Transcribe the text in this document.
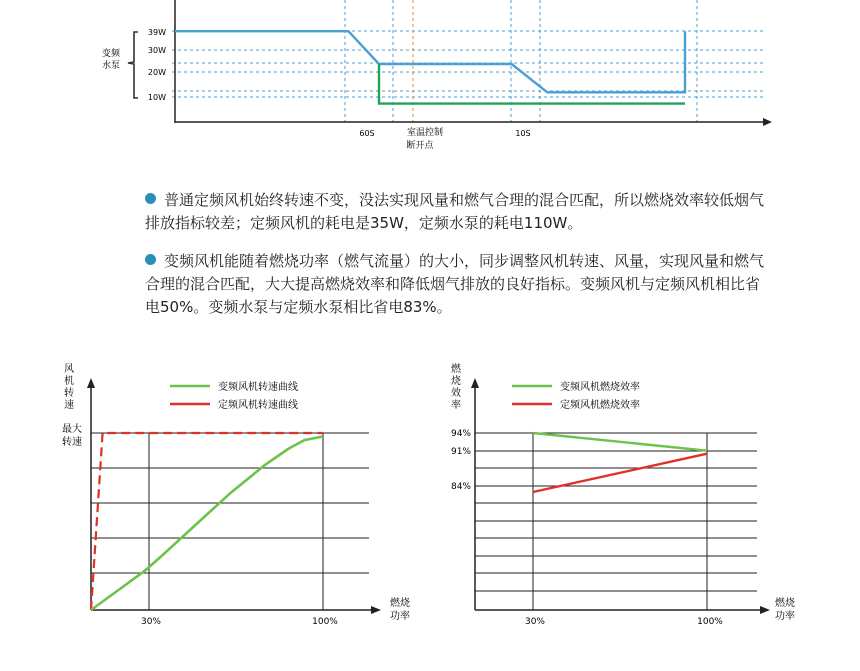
变频
水泵
39W
30W
20W
10W
60S	室温控制
断开点
10S

普通定频风机始终转速不变，没法实现风量和燃气合理的混合匹配，所以燃烧效率较低烟气排放指标较差；定频风机的耗电是35W，定频水泵的耗电110W。

变频风机能随着燃烧功率（燃气流量）的大小，同步调整风机转速、风量，实现风量和燃气合理的混合匹配，大大提高燃烧效率和降低烟气排放的良好指标。变频风机与定频风机相比省电50%。变频水泵与定频水泵相比省电83%。

风
机
转
速
最大
转速
变频风机转速曲线
定频风机转速曲线
30%	100%
燃烧
功率
燃
烧
效
率
94%
91%
84%
变频风机燃烧效率
定频风机燃烧效率
30%	100%
燃烧
功率
